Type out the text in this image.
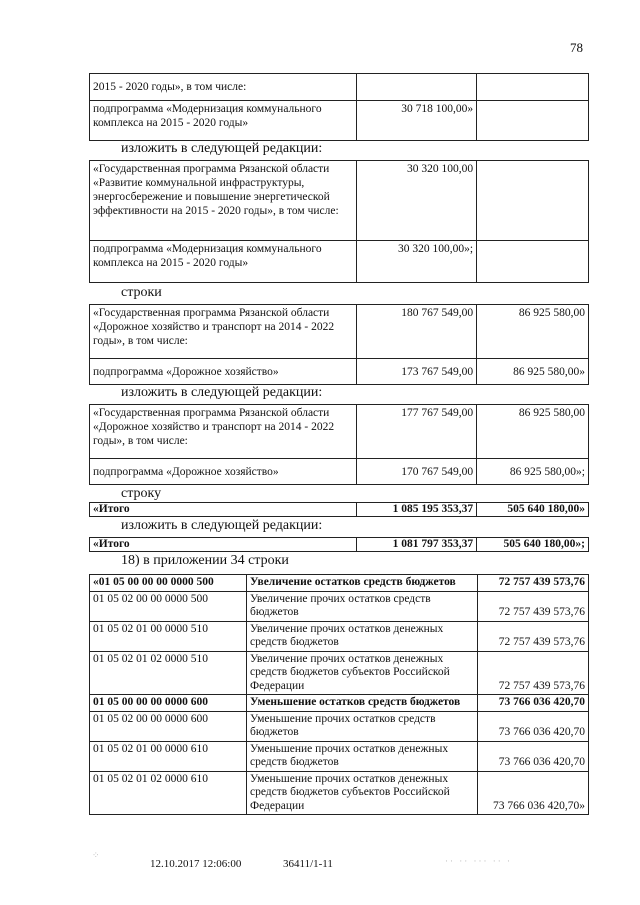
78
2015 - 2020 годы», в том числе:		
подпрограмма «Модернизация коммунального комплекса на 2015 - 2020 годы»	30 718 100,00»	
изложить в следующей редакции:
«Государственная программа Рязанской области «Развитие коммунальной инфраструктуры, энергосбережение и повышение энергетической эффективности на 2015 - 2020 годы», в том числе:	30 320 100,00	
подпрограмма «Модернизация коммунального комплекса на 2015 - 2020 годы»	30 320 100,00»;	
строки
«Государственная программа Рязанской области «Дорожное хозяйство и транспорт на 2014 - 2022 годы», в том числе:	180 767 549,00	86 925 580,00
подпрограмма «Дорожное хозяйство»	173 767 549,00	86 925 580,00»
изложить в следующей редакции:
«Государственная программа Рязанской области «Дорожное хозяйство и транспорт на 2014 - 2022 годы», в том числе:	177 767 549,00	86 925 580,00
подпрограмма «Дорожное хозяйство»	170 767 549,00	86 925 580,00»;
строку
«Итого	1 085 195 353,37	505 640 180,00»
изложить в следующей редакции:
«Итого	1 081 797 353,37	505 640 180,00»;
18) в приложении 34 строки
«01 05 00 00 00 0000 500	Увеличение остатков средств бюджетов	72 757 439 573,76
01 05 02 00 00 0000 500	Увеличение прочих остатков средств бюджетов	72 757 439 573,76
01 05 02 01 00 0000 510	Увеличение прочих остатков денежных средств бюджетов	72 757 439 573,76
01 05 02 01 02 0000 510	Увеличение прочих остатков денежных средств бюджетов субъектов Российской Федерации	72 757 439 573,76
01 05 00 00 00 0000 600	Уменьшение остатков средств бюджетов	73 766 036 420,70
01 05 02 00 00 0000 600	Уменьшение прочих остатков средств бюджетов	73 766 036 420,70
01 05 02 01 00 0000 610	Уменьшение прочих остатков денежных средств бюджетов	73 766 036 420,70
01 05 02 01 02 0000 610	Уменьшение прочих остатков денежных средств бюджетов субъектов Российской Федерации	73 766 036 420,70»
⁘
12.10.2017 12:06:00	36411/1-11	·· ·· ··· ·· ·
